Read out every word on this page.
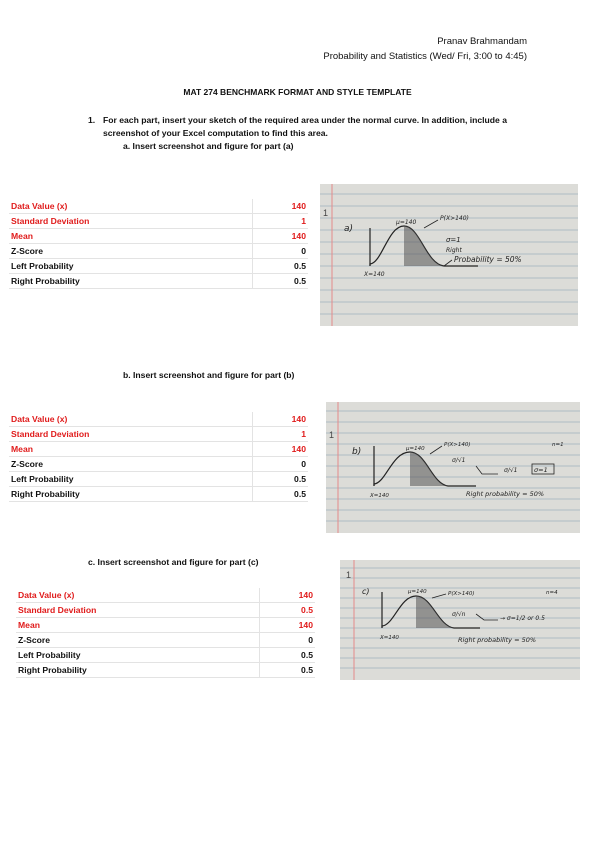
Pranav Brahmandam
Probability and Statistics (Wed/ Fri, 3:00 to 4:45)
MAT 274 BENCHMARK FORMAT AND STYLE TEMPLATE
1. For each part, insert your sketch of the required area under the normal curve. In addition, include a screenshot of your Excel computation to find this area.
a. Insert screenshot and figure for part (a)
Data Value (x)	140
Standard Deviation	1
Mean	140
Z-Score	0
Left Probability	0.5
Right Probability	0.5
1
a)
μ=140
P(X>140)
σ=1
Right
Probability = 50%
X=140
b. Insert screenshot and figure for part (b)
Data Value (x)	140
Standard Deviation	1
Mean	140
Z-Score	0
Left Probability	0.5
Right Probability	0.5
1
b)	μ=140
P(X>140)
σ/√1
n=1
σ/√1	σ=1
Right probability = 50%
X=140
c. Insert screenshot and figure for part (c)
Data Value (x)	140
Standard Deviation	0.5
Mean	140
Z-Score	0
Left Probability	0.5
Right Probability	0.5
1
c)	μ=140	P(X>140)	n=4
σ/√n
→ σ=1/2 or 0.5
Right probability = 50%
X=140
